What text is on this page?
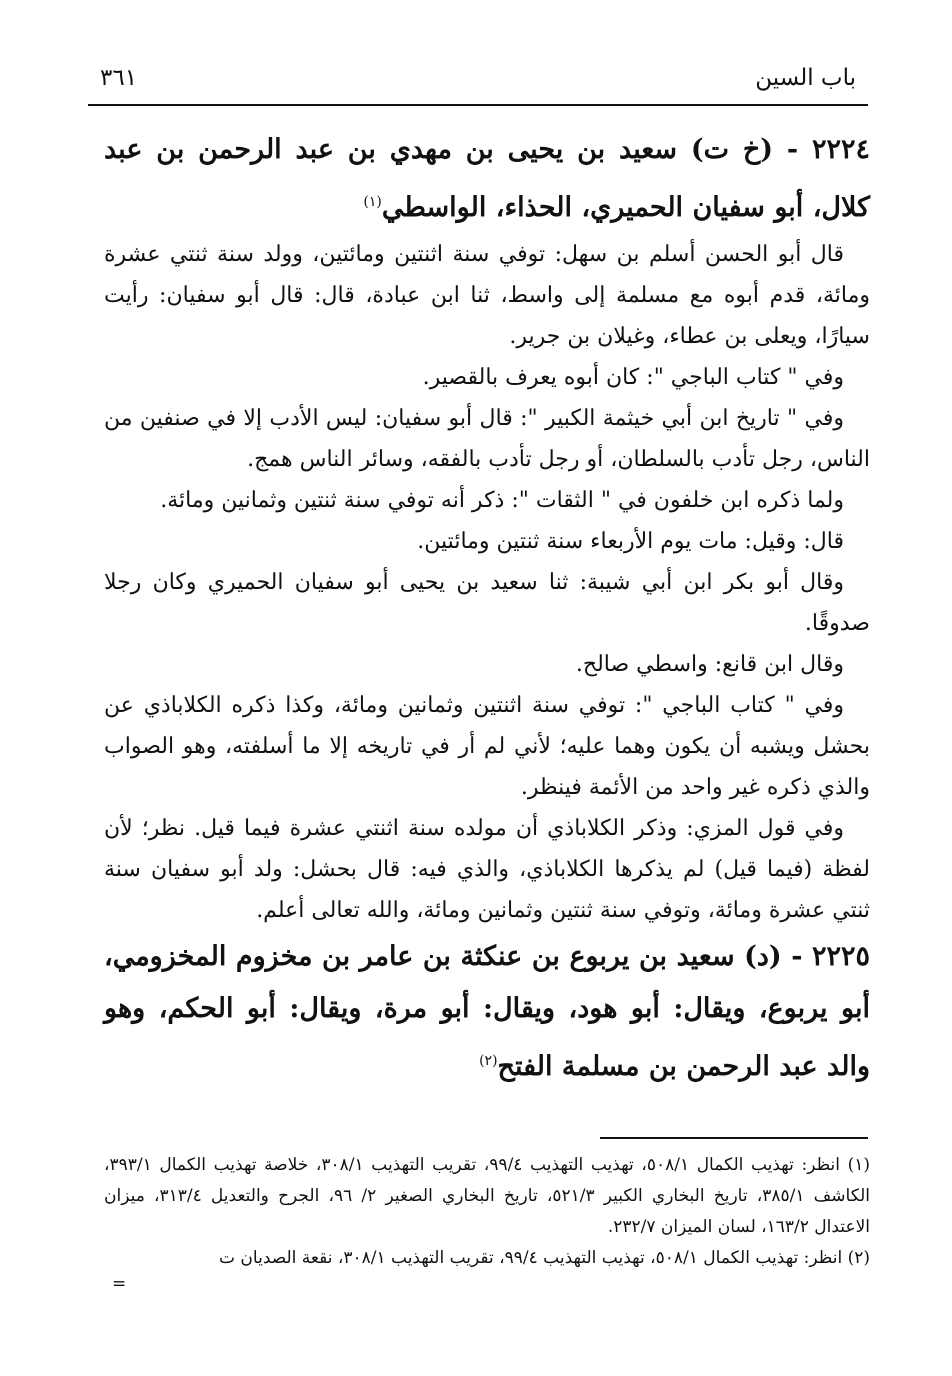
٣٦١	باب السين

٢٢٢٤ - (خ ت) سعيد بن يحيى بن مهدي بن عبد الرحمن بن عبد كلال، أبو سفيان الحميري، الحذاء، الواسطي$^{(١)}$

قال أبو الحسن أسلم بن سهل: توفي سنة اثنتين ومائتين، وولد سنة ثنتي عشرة ومائة، قدم أبوه مع مسلمة إلى واسط، ثنا ابن عبادة، قال: قال أبو سفيان: رأيت سيارًا، ويعلى بن عطاء، وغيلان بن جرير.

وفي " كتاب الباجي ": كان أبوه يعرف بالقصير.

وفي " تاريخ ابن أبي خيثمة الكبير ": قال أبو سفيان: ليس الأدب إلا في صنفين من الناس، رجل تأدب بالسلطان، أو رجل تأدب بالفقه، وسائر الناس همج.

ولما ذكره ابن خلفون في " الثقات ": ذكر أنه توفي سنة ثنتين وثمانين ومائة.

قال: وقيل: مات يوم الأربعاء سنة ثنتين ومائتين.

وقال أبو بكر ابن أبي شيبة: ثنا سعيد بن يحيى أبو سفيان الحميري وكان رجلا صدوقًا.

وقال ابن قانع: واسطي صالح.

وفي " كتاب الباجي ": توفي سنة اثنتين وثمانين ومائة، وكذا ذكره الكلاباذي عن بحشل ويشبه أن يكون وهما عليه؛ لأني لم أر في تاريخه إلا ما أسلفته، وهو الصواب والذي ذكره غير واحد من الأئمة فينظر.

وفي قول المزي: وذكر الكلاباذي أن مولده سنة اثنتي عشرة فيما قيل. نظر؛ لأن لفظة (فيما قيل) لم يذكرها الكلاباذي، والذي فيه: قال بحشل: ولد أبو سفيان سنة ثنتي عشرة ومائة، وتوفي سنة ثنتين وثمانين ومائة، والله تعالى أعلم.

٢٢٢٥ - (د) سعيد بن يربوع بن عنكثة بن عامر بن مخزوم المخزومي، أبو يربوع، ويقال: أبو هود، ويقال: أبو مرة، ويقال: أبو الحكم، وهو والد عبد الرحمن بن مسلمة الفتح$^{(٢)}$

(١) انظر: تهذيب الكمال ٥٠٨/١، تهذيب التهذيب ٩٩/٤، تقريب التهذيب ٣٠٨/١، خلاصة تهذيب الكمال ٣٩٣/١، الكاشف ٣٨٥/١، تاريخ البخاري الكبير ٥٢١/٣، تاريخ البخاري الصغير ٢/ ٩٦، الجرح والتعديل ٣١٣/٤، ميزان الاعتدال ١٦٣/٢، لسان الميزان ٢٣٢/٧.

(٢) انظر: تهذيب الكمال ٥٠٨/١، تهذيب التهذيب ٩٩/٤، تقريب التهذيب ٣٠٨/١، نقعة الصديان ت

=
